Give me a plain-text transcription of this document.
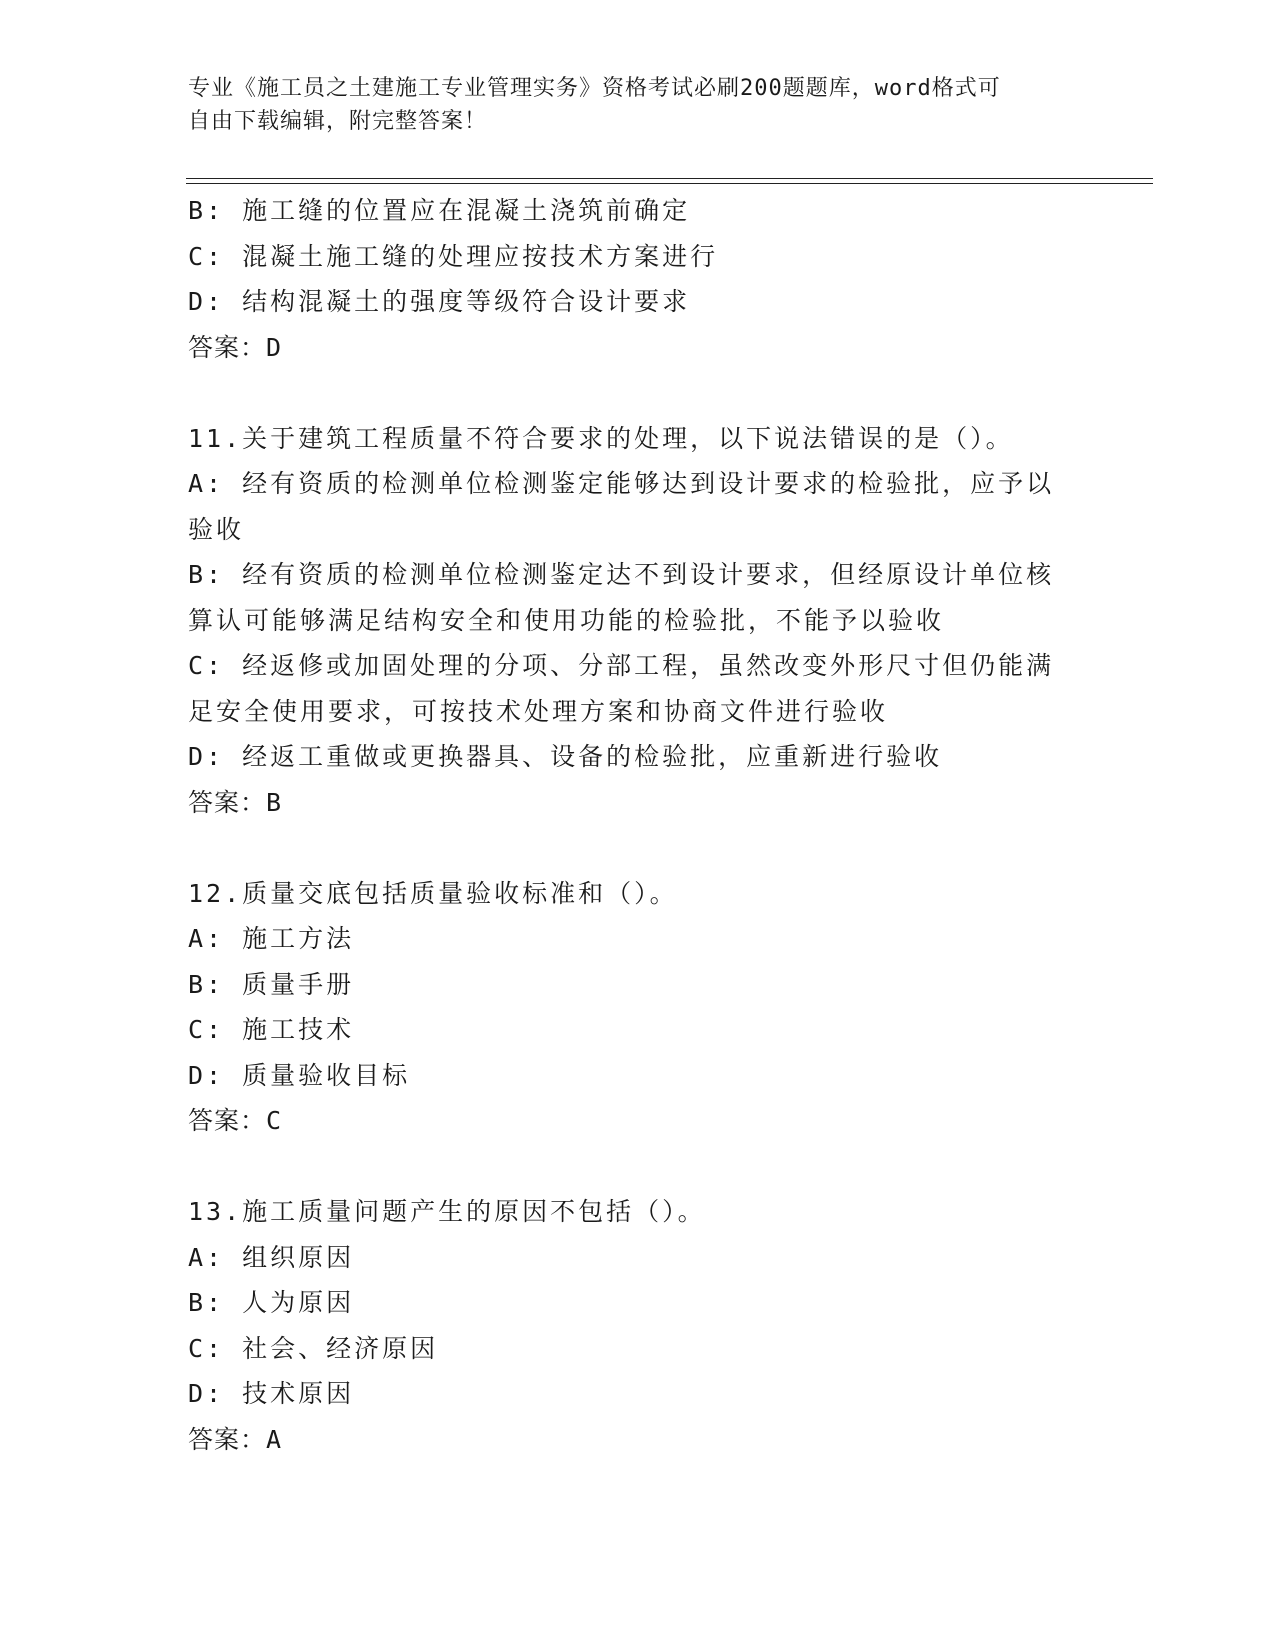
专业《施工员之土建施工专业管理实务》资格考试必刷200题题库，word格式可
自由下载编辑，附完整答案！
B: 施工缝的位置应在混凝土浇筑前确定
C: 混凝土施工缝的处理应按技术方案进行
D: 结构混凝土的强度等级符合设计要求
答案：D
11.关于建筑工程质量不符合要求的处理，以下说法错误的是（）。
A: 经有资质的检测单位检测鉴定能够达到设计要求的检验批，应予以
验收
B: 经有资质的检测单位检测鉴定达不到设计要求，但经原设计单位核
算认可能够满足结构安全和使用功能的检验批，不能予以验收
C: 经返修或加固处理的分项、分部工程，虽然改变外形尺寸但仍能满
足安全使用要求，可按技术处理方案和协商文件进行验收
D: 经返工重做或更换器具、设备的检验批，应重新进行验收
答案：B
12.质量交底包括质量验收标准和（）。
A: 施工方法
B: 质量手册
C: 施工技术
D: 质量验收目标
答案：C
13.施工质量问题产生的原因不包括（）。
A: 组织原因
B: 人为原因
C: 社会、经济原因
D: 技术原因
答案：A
